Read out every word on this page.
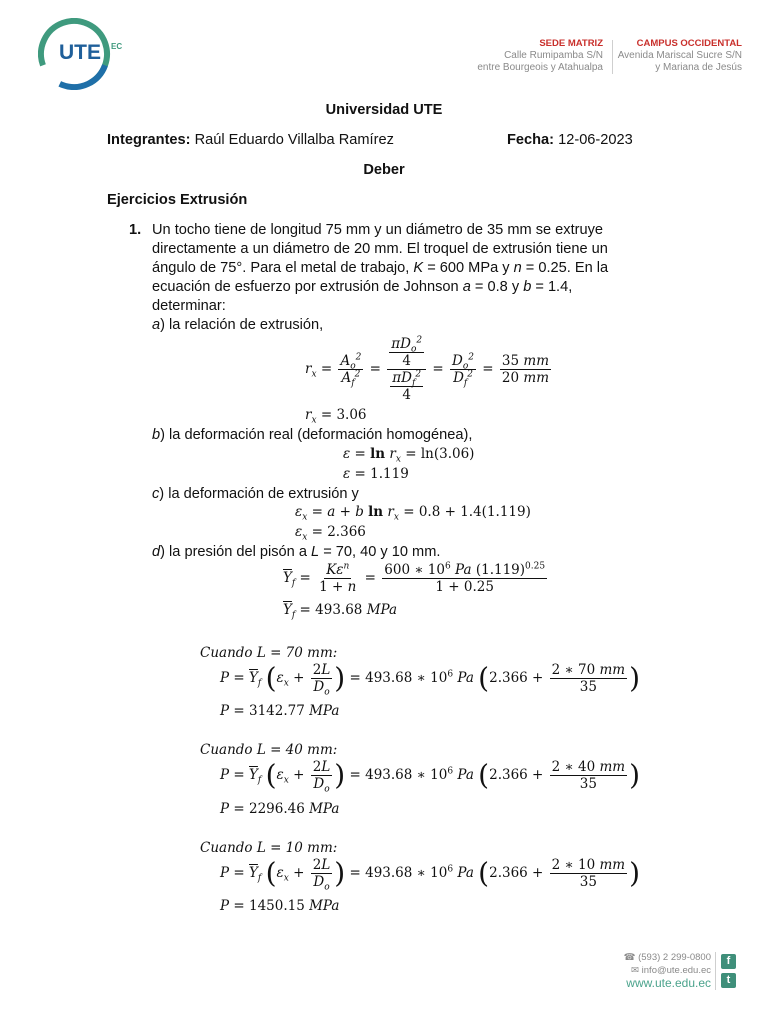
UTE EC	SEDE MATRIZ
Calle Rumipamba S/N
entre Bourgeois y Atahualpa
CAMPUS OCCIDENTAL
Avenida Mariscal Sucre S/N
y Mariana de Jesús
Universidad UTE
Integrantes: Raúl Eduardo Villalba Ramírez	Fecha: 12-06-2023
Deber
Ejercicios Extrusión
1. Un tocho tiene de longitud 75 mm y un diámetro de 35 mm se extruye directamente a un diámetro de 20 mm. El troquel de extrusión tiene un ángulo de 75°. Para el metal de trabajo, K = 600 MPa y n = 0.25. En la ecuación de esfuerzo por extrusión de Johnson a = 0.8 y b = 1.4, determinar:
a) la relación de extrusión,
$r_x = \frac{A_o^2}{A_f^2} = \frac{\frac{\pi D_o^2}{4}}{\frac{\pi D_f^2}{4}} = \frac{D_o^2}{D_f^2} = \frac{35 mm}{20 mm}$
$r_x = 3.06$
b) la deformación real (deformación homogénea),
$\varepsilon = \ln r_x = \ln(3.06)$
ε = 1.119
c) la deformación de extrusión y
$\varepsilon_x = a + b$ $\ln r_x = 0.8 + 1.4(1.119)$
$\varepsilon_x = 2.366$
d) la presión del pisón a L = 70, 40 y 10 mm.
$\overline{Y}_f = \frac{K\varepsilon^n}{1 + n} = \frac{600 ∗ 10^6 Pa (1.119)^{0.25}}{1 + 0.25}$
$\overline{Y}_f = 493.68$ MPa
Cuando L = 70 mm:
$P = \overline{Y}_f$ ($\varepsilon_x + \frac{2L}{D_o}$ ) = 493.68 ∗ $10^6$ Pa ($2.366 + \frac{2 ∗ 70 mm}{35}$ )
P = 3142.77 MPa
Cuando L = 40 mm:
$P = \overline{Y}_f$ ($\varepsilon_x + \frac{2L}{D_o}$ ) = 493.68 ∗ $10^6$ Pa ($2.366 + \frac{2 ∗ 40 mm}{35}$ )
P = 2296.46 MPa
Cuando L = 10 mm:
$P = \overline{Y}_f$ ($\varepsilon_x + \frac{2L}{D_o}$ ) = 493.68 ∗ $10^6$ Pa ($2.366 + \frac{2 ∗ 10 mm}{35}$ )
P = 1450.15 MPa
☎ (593) 2 299-0800
✉ info@ute.edu.ec
www.ute.edu.ec
f
t
